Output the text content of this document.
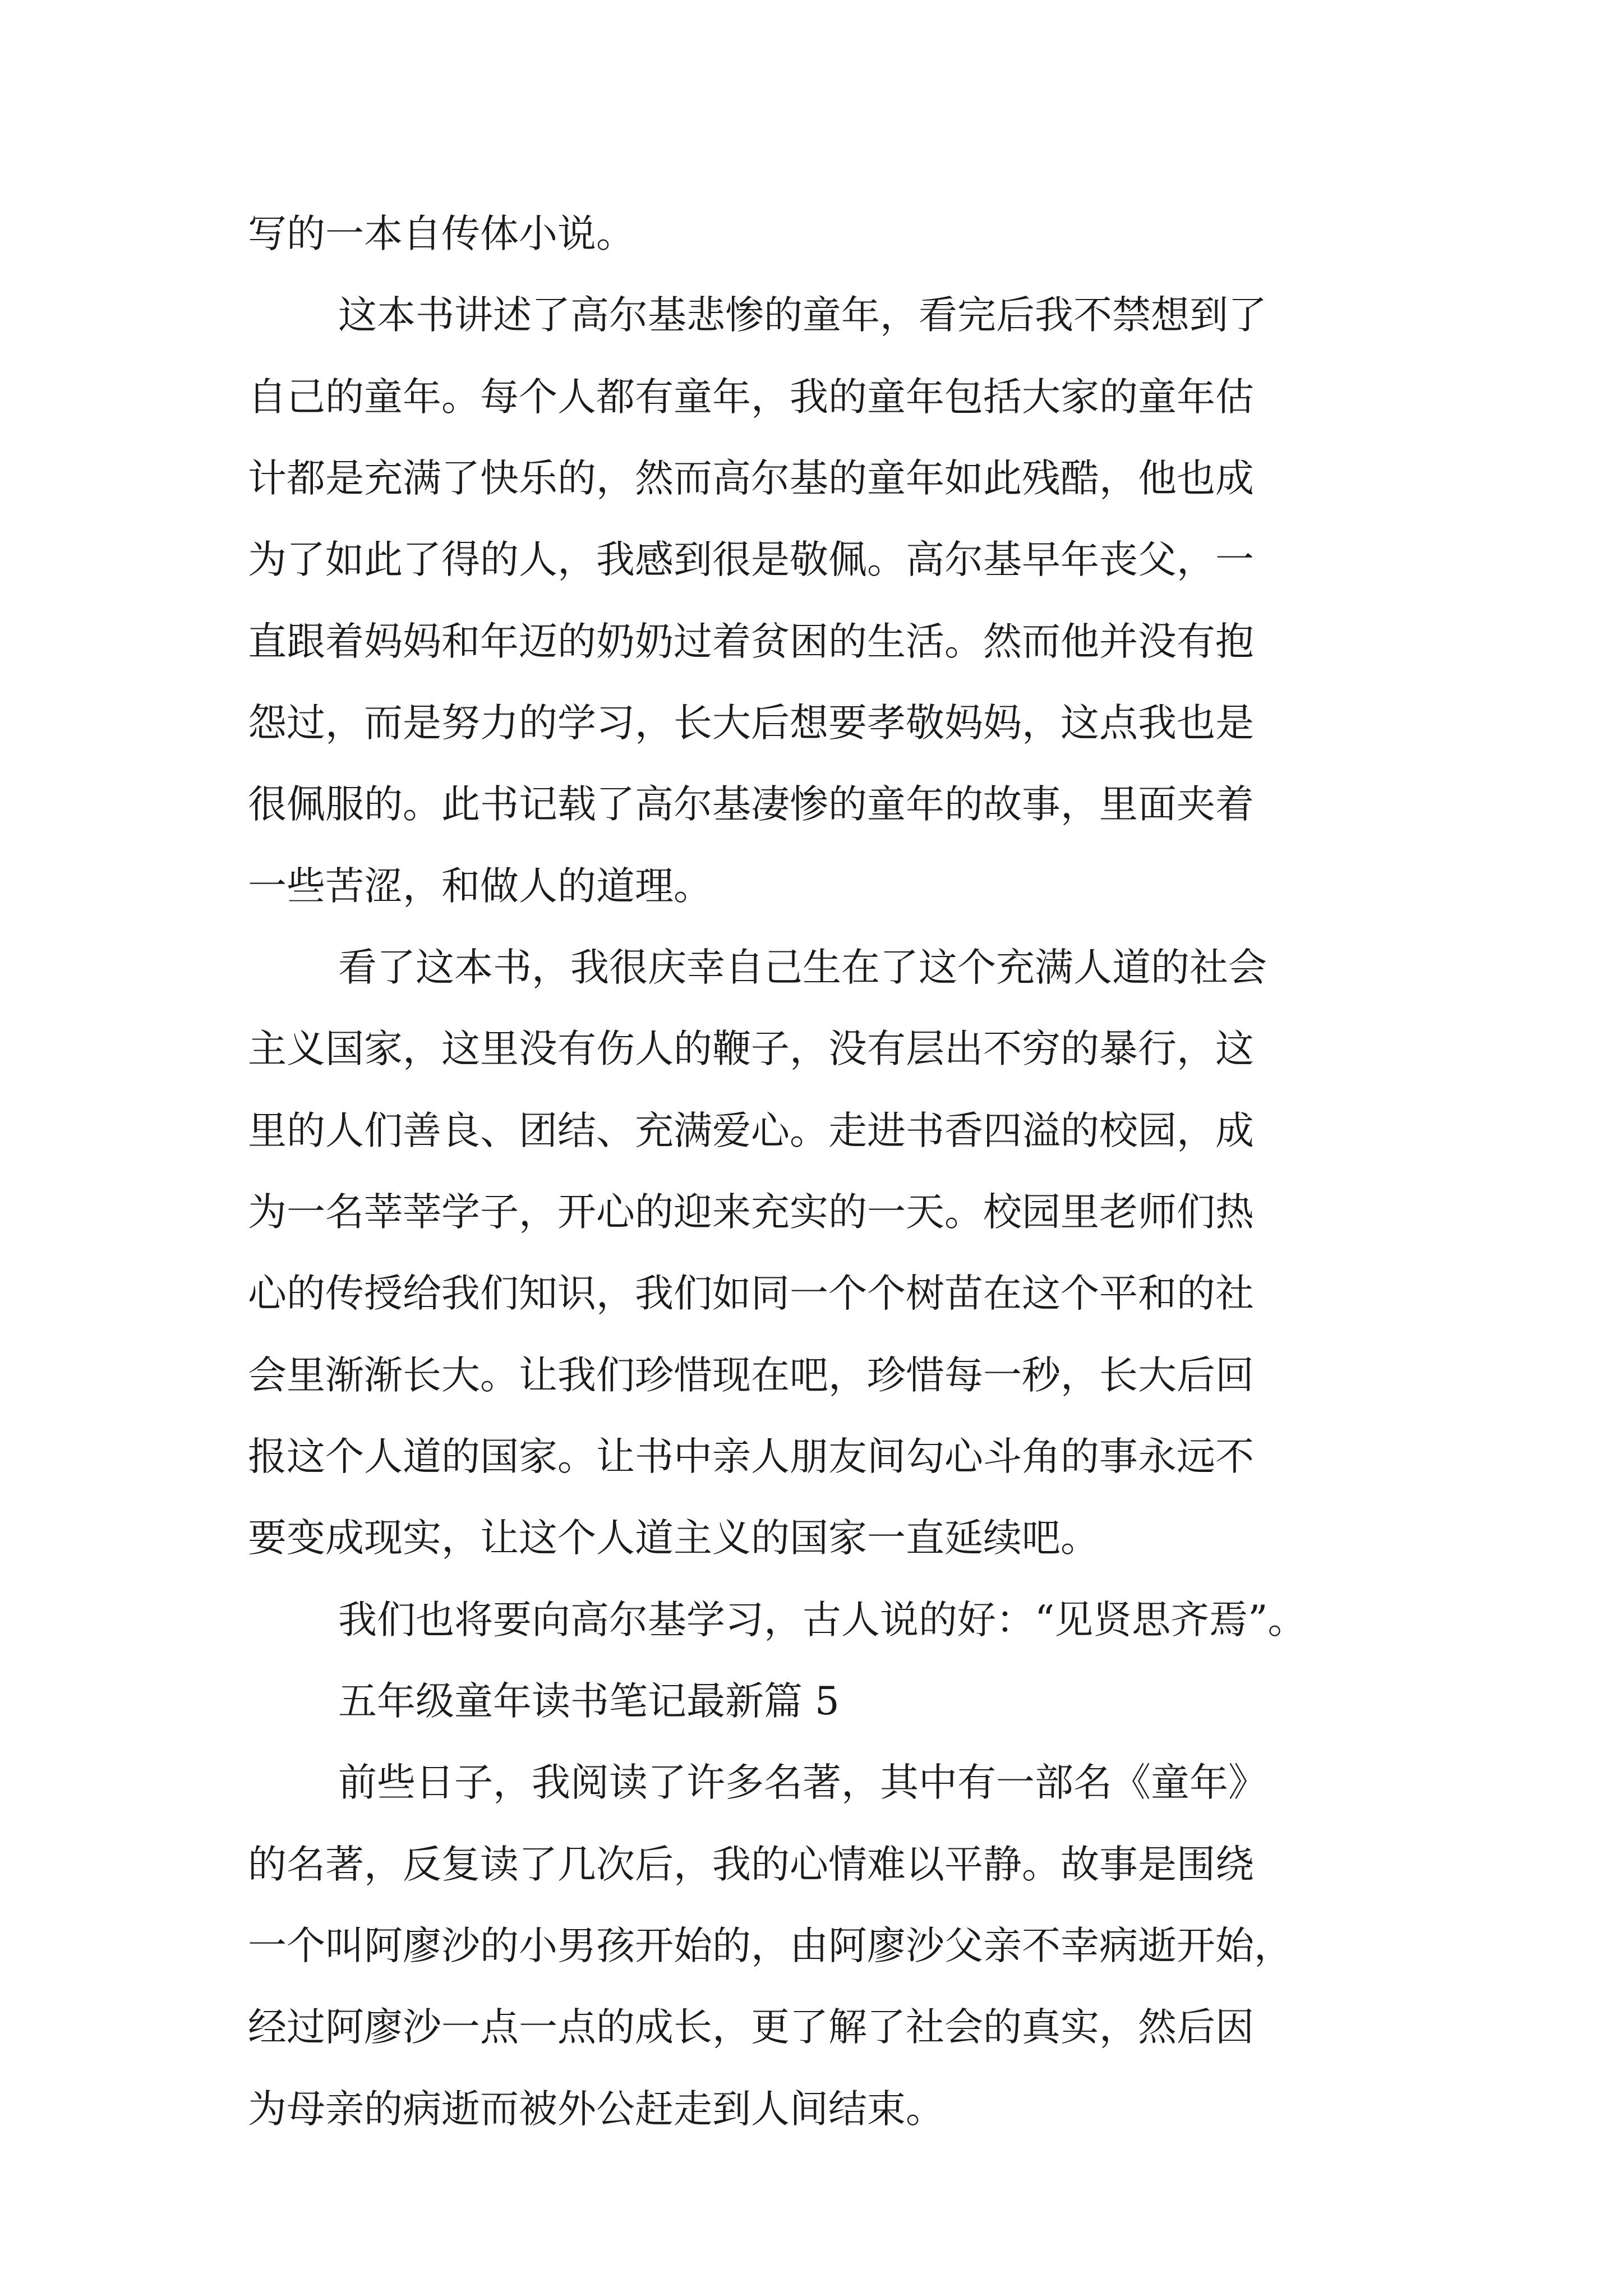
写的一本自传体小说。

这本书讲述了高尔基悲惨的童年，看完后我不禁想到了

自己的童年。每个人都有童年，我的童年包括大家的童年估

计都是充满了快乐的，然而高尔基的童年如此残酷，他也成

为了如此了得的人，我感到很是敬佩。高尔基早年丧父，一

直跟着妈妈和年迈的奶奶过着贫困的生活。然而他并没有抱

怨过，而是努力的学习，长大后想要孝敬妈妈，这点我也是

很佩服的。此书记载了高尔基凄惨的童年的故事，里面夹着

一些苦涩，和做人的道理。

看了这本书，我很庆幸自己生在了这个充满人道的社会

主义国家，这里没有伤人的鞭子，没有层出不穷的暴行，这

里的人们善良、团结、充满爱心。走进书香四溢的校园，成

为一名莘莘学子，开心的迎来充实的一天。校园里老师们热

心的传授给我们知识，我们如同一个个树苗在这个平和的社

会里渐渐长大。让我们珍惜现在吧，珍惜每一秒，长大后回

报这个人道的国家。让书中亲人朋友间勾心斗角的事永远不

要变成现实，让这个人道主义的国家一直延续吧。

我们也将要向高尔基学习，古人说的好：“见贤思齐焉”。

五年级童年读书笔记最新篇 5

前些日子，我阅读了许多名著，其中有一部名《童年》

的名著，反复读了几次后，我的心情难以平静。故事是围绕

一个叫阿廖沙的小男孩开始的，由阿廖沙父亲不幸病逝开始，

经过阿廖沙一点一点的成长，更了解了社会的真实，然后因

为母亲的病逝而被外公赶走到人间结束。
